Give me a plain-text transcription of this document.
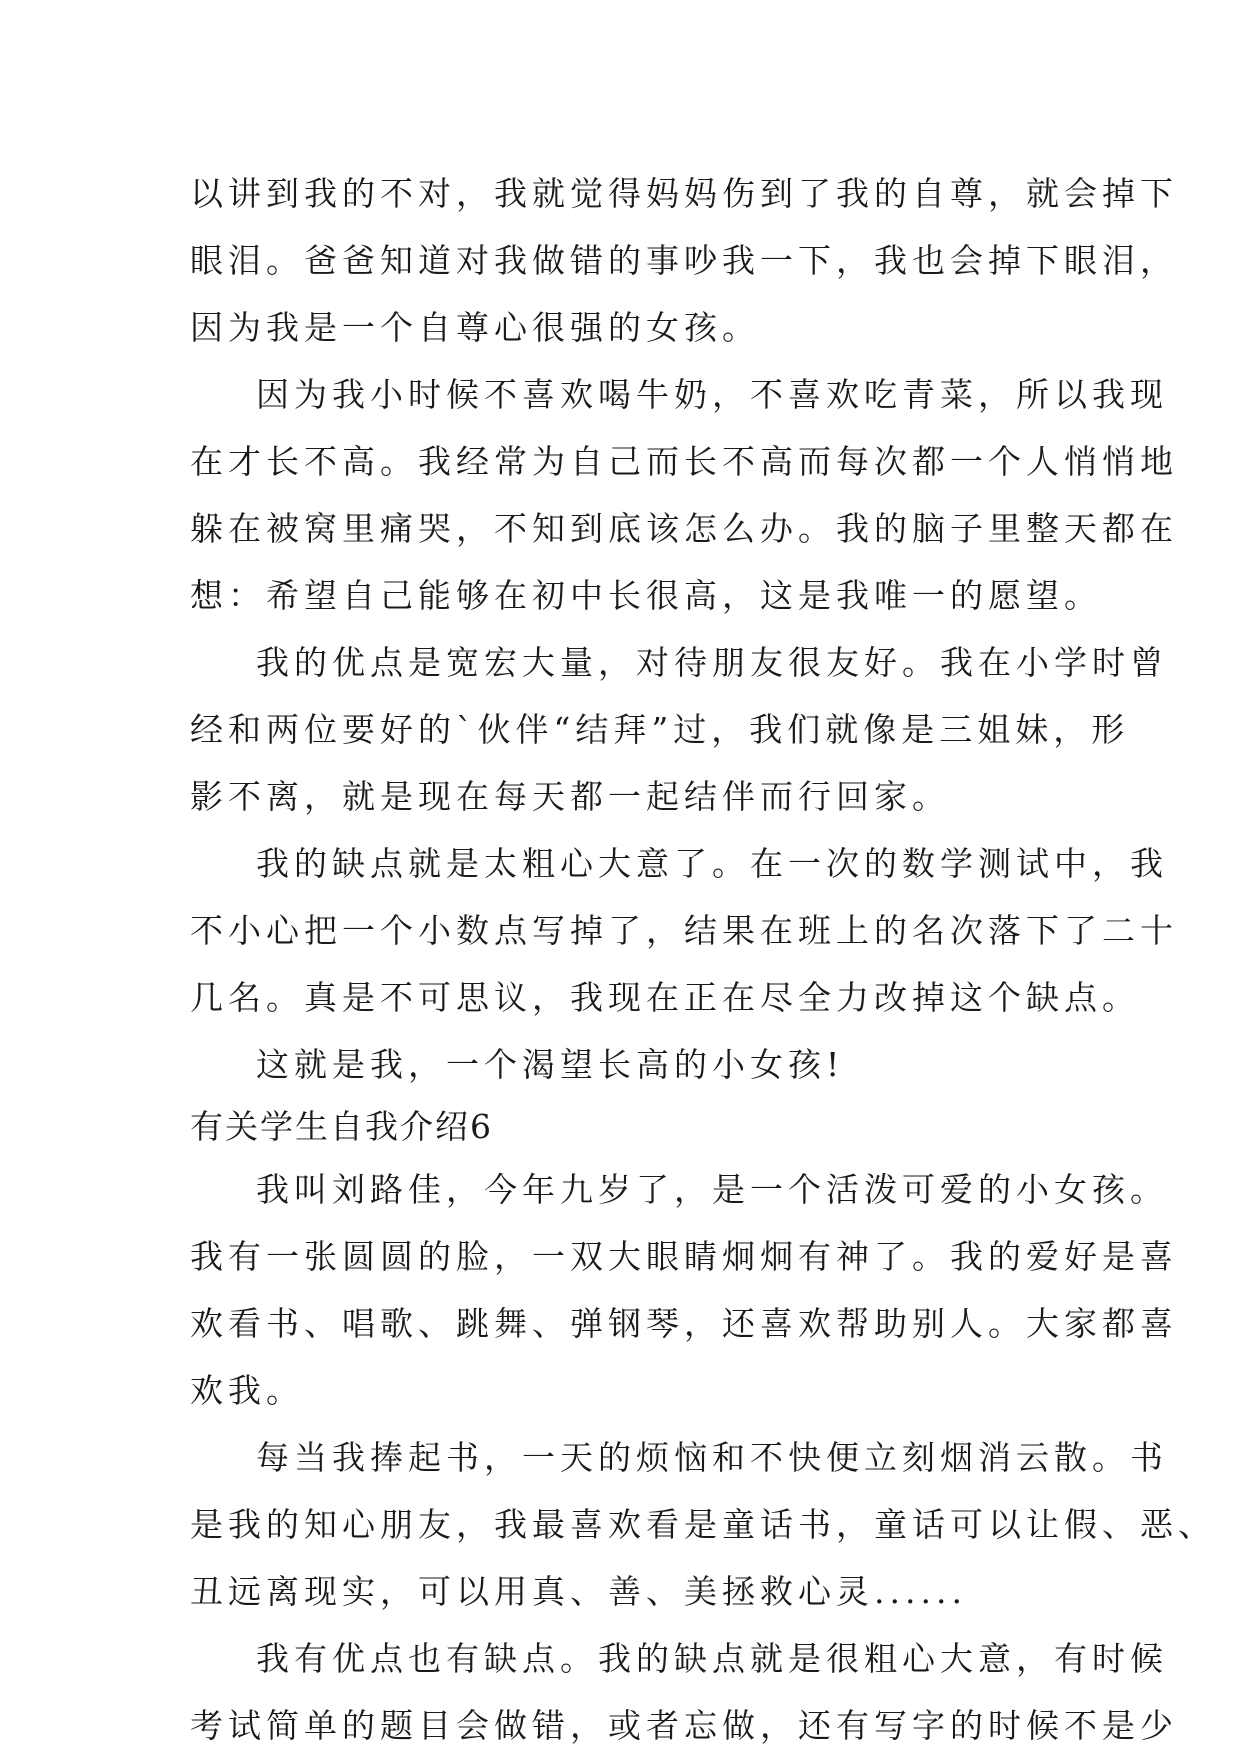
以讲到我的不对，我就觉得妈妈伤到了我的自尊，就会掉下
眼泪。爸爸知道对我做错的事吵我一下，我也会掉下眼泪，
因为我是一个自尊心很强的女孩。
因为我小时候不喜欢喝牛奶，不喜欢吃青菜，所以我现
在才长不高。我经常为自己而长不高而每次都一个人悄悄地
躲在被窝里痛哭，不知到底该怎么办。我的脑子里整天都在
想：希望自己能够在初中长很高，这是我唯一的愿望。
我的优点是宽宏大量，对待朋友很友好。我在小学时曾
经和两位要好的`伙伴“结拜”过，我们就像是三姐妹，形
影不离，就是现在每天都一起结伴而行回家。
我的缺点就是太粗心大意了。在一次的数学测试中，我
不小心把一个小数点写掉了，结果在班上的名次落下了二十
几名。真是不可思议，我现在正在尽全力改掉这个缺点。
这就是我，一个渴望长高的小女孩!
有关学生自我介绍6
我叫刘路佳，今年九岁了，是一个活泼可爱的小女孩。
我有一张圆圆的脸，一双大眼睛炯炯有神了。我的爱好是喜
欢看书、唱歌、跳舞、弹钢琴，还喜欢帮助别人。大家都喜
欢我。
每当我捧起书，一天的烦恼和不快便立刻烟消云散。书
是我的知心朋友，我最喜欢看是童话书，童话可以让假、恶、
丑远离现实，可以用真、善、美拯救心灵......
我有优点也有缺点。我的缺点就是很粗心大意，有时候
考试简单的题目会做错，或者忘做，还有写字的时候不是少
